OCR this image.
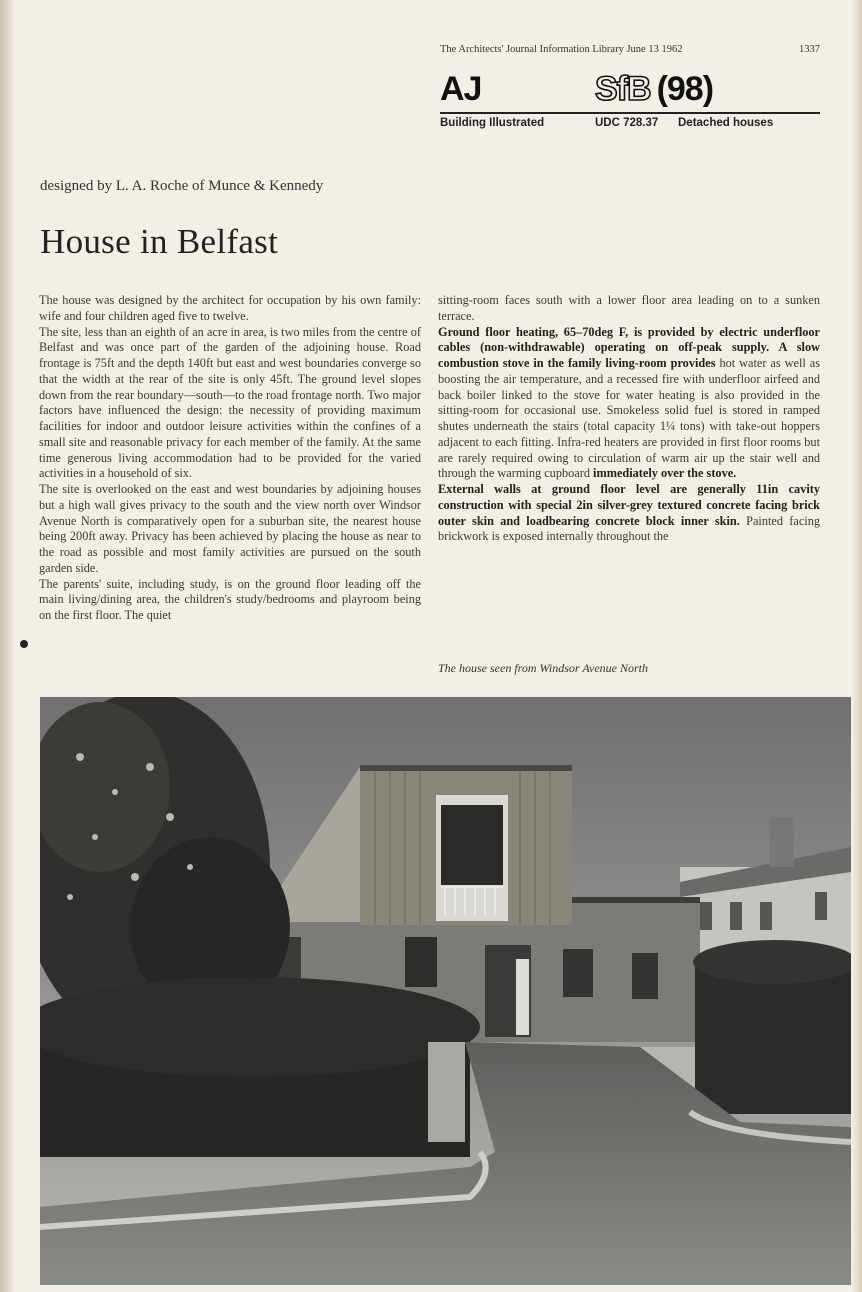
The Architects' Journal Information Library June 13 1962	1337
AJ	SfB (98)
Building Illustrated	UDC 728.37 Detached houses
designed by L. A. Roche of Munce & Kennedy
House in Belfast

The house was designed by the architect for occupation by his own family: wife and four children aged five to twelve.

The site, less than an eighth of an acre in area, is two miles from the centre of Belfast and was once part of the garden of the adjoining house. Road frontage is 75ft and the depth 140ft but east and west boundaries converge so that the width at the rear of the site is only 45ft. The ground level slopes down from the rear boundary—south—to the road frontage north. Two major factors have influenced the design: the necessity of providing maximum facilities for indoor and outdoor leisure activities within the confines of a small site and reasonable privacy for each member of the family. At the same time generous living accommodation had to be provided for the varied activities in a household of six.

The site is overlooked on the east and west boundaries by adjoining houses but a high wall gives privacy to the south and the view north over Windsor Avenue North is comparatively open for a suburban site, the nearest house being 200ft away. Privacy has been achieved by placing the house as near to the road as possible and most family activities are pursued on the south garden side.

The parents' suite, including study, is on the ground floor leading off the main living/dining area, the children's study/bedrooms and playroom being on the first floor. The quiet

sitting-room faces south with a lower floor area leading on to a sunken terrace.

Ground floor heating, 65–70deg F, is provided by electric underfloor cables (non-withdrawable) operating on off-peak supply. A slow combustion stove in the family living-room provides hot water as well as boosting the air temperature, and a recessed fire with underfloor airfeed and back boiler linked to the stove for water heating is also provided in the sitting-room for occasional use. Smokeless solid fuel is stored in ramped shutes underneath the stairs (total capacity 1¼ tons) with take-out hoppers adjacent to each fitting. Infra-red heaters are provided in first floor rooms but are rarely required owing to circulation of warm air up the stair well and through the warming cupboard immediately over the stove.

External walls at ground floor level are generally 11in cavity construction with special 2in silver-grey textured concrete facing brick outer skin and loadbearing concrete block inner skin. Painted facing brickwork is exposed internally throughout the

The house seen from Windsor Avenue North
